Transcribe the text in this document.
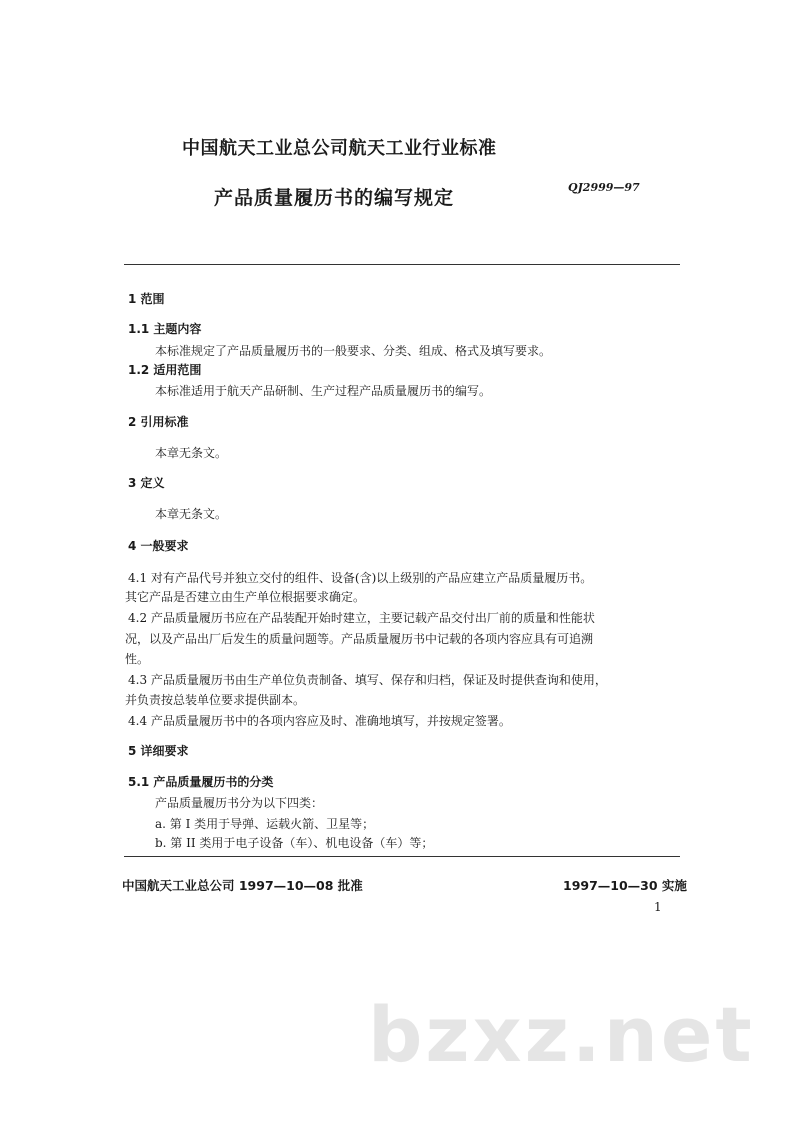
中国航天工业总公司航天工业行业标准
产品质量履历书的编写规定	QJ2999—97
1 范围
1.1 主题内容
本标准规定了产品质量履历书的一般要求、分类、组成、格式及填写要求。
1.2 适用范围
本标准适用于航天产品研制、生产过程产品质量履历书的编写。
2 引用标准
本章无条文。
3 定义
本章无条文。
4 一般要求
4.1 对有产品代号并独立交付的组件、设备(含)以上级别的产品应建立产品质量履历书。
其它产品是否建立由生产单位根据要求确定。
4.2 产品质量履历书应在产品装配开始时建立，主要记载产品交付出厂前的质量和性能状
况，以及产品出厂后发生的质量问题等。产品质量履历书中记载的各项内容应具有可追溯
性。
4.3 产品质量履历书由生产单位负责制备、填写、保存和归档，保证及时提供查询和使用，
并负责按总装单位要求提供副本。
4.4 产品质量履历书中的各项内容应及时、准确地填写，并按规定签署。
5 详细要求
5.1 产品质量履历书的分类
产品质量履历书分为以下四类：
a. 第 I 类用于导弹、运载火箭、卫星等；
b. 第 II 类用于电子设备（车）、机电设备（车）等；
中国航天工业总公司 1997—10—08 批准	1997—10—30 实施
1
bzxz.net
